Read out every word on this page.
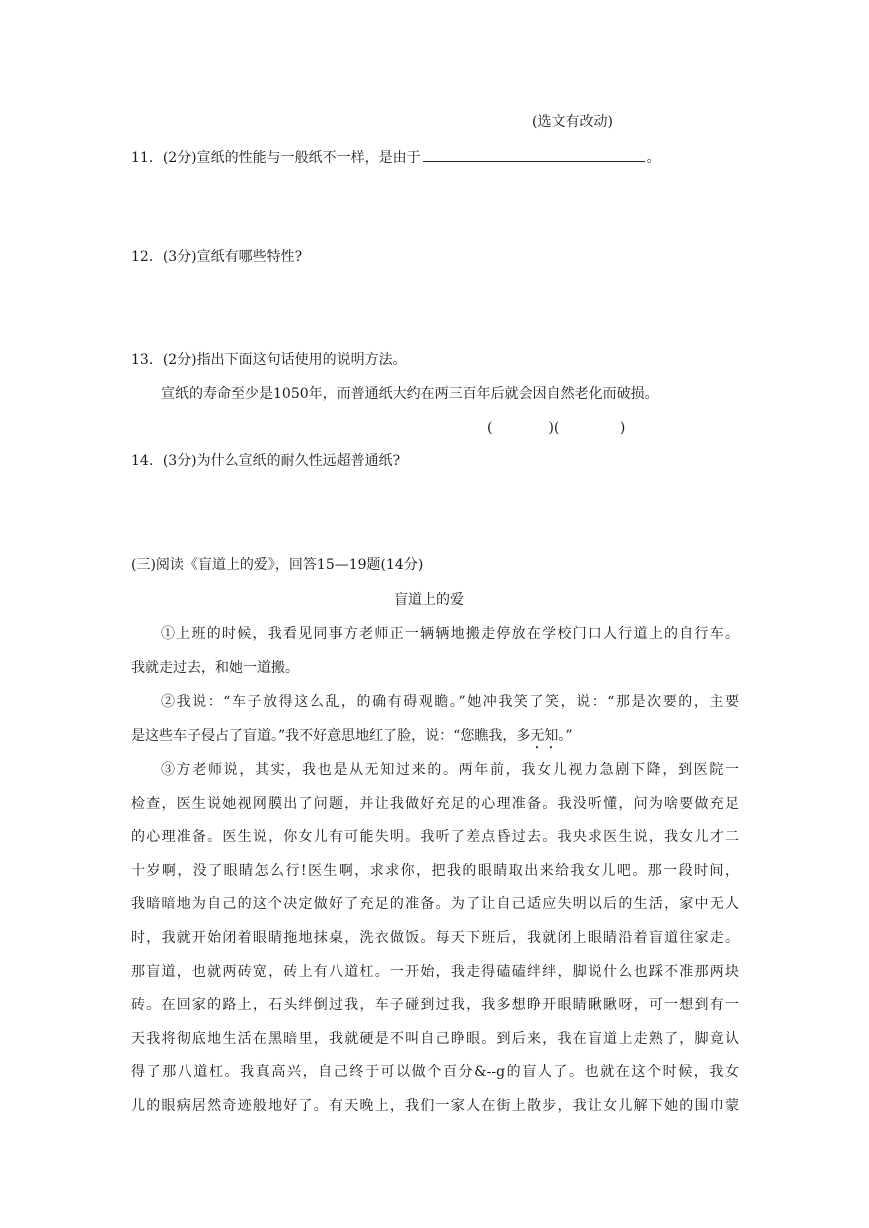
(选文有改动)
11．(2分)宣纸的性能与一般纸不一样，是由于	。
12．(3分)宣纸有哪些特性?
13．(2分)指出下面这句话使用的说明方法。
宣纸的寿命至少是1050年，而普通纸大约在两三百年后就会因自然老化而破损。
(　　　　)(　　　　 )
14．(3分)为什么宣纸的耐久性远超普通纸?
(三)阅读《盲道上的爱》，回答15—19题(14分)
盲道上的爱
①上班的时候，我看见同事方老师正一辆辆地搬走停放在学校门口人行道上的自行车。
我就走过去，和她一道搬。
②我说：“车子放得这么乱，的确有碍观瞻。”她冲我笑了笑，说：“那是次要的，主要
是这些车子侵占了盲道。”我不好意思地红了脸，说：“您瞧我，多无知。”
③方老师说，其实，我也是从无知过来的。两年前，我女儿视力急剧下降，到医院一
检查，医生说她视网膜出了问题，并让我做好充足的心理准备。我没听懂，问为啥要做充足
的心理准备。医生说，你女儿有可能失明。我听了差点昏过去。我央求医生说，我女儿才二
十岁啊，没了眼睛怎么行!医生啊，求求你，把我的眼睛取出来给我女儿吧。那一段时间，
我暗暗地为自己的这个决定做好了充足的准备。为了让自己适应失明以后的生活，家中无人
时，我就开始闭着眼睛拖地抹桌，洗衣做饭。每天下班后，我就闭上眼睛沿着盲道往家走。
那盲道，也就两砖宽，砖上有八道杠。一开始，我走得磕磕绊绊，脚说什么也踩不准那两块
砖。在回家的路上，石头绊倒过我，车子碰到过我，我多想睁开眼睛瞅瞅呀，可一想到有一
天我将彻底地生活在黑暗里，我就硬是不叫自己睁眼。到后来，我在盲道上走熟了，脚竟认
得了那八道杠。我真高兴，自己终于可以做个百分&--g的盲人了。也就在这个时候，我女
儿的眼病居然奇迹般地好了。有天晚上，我们一家人在街上散步，我让女儿解下她的围巾蒙
